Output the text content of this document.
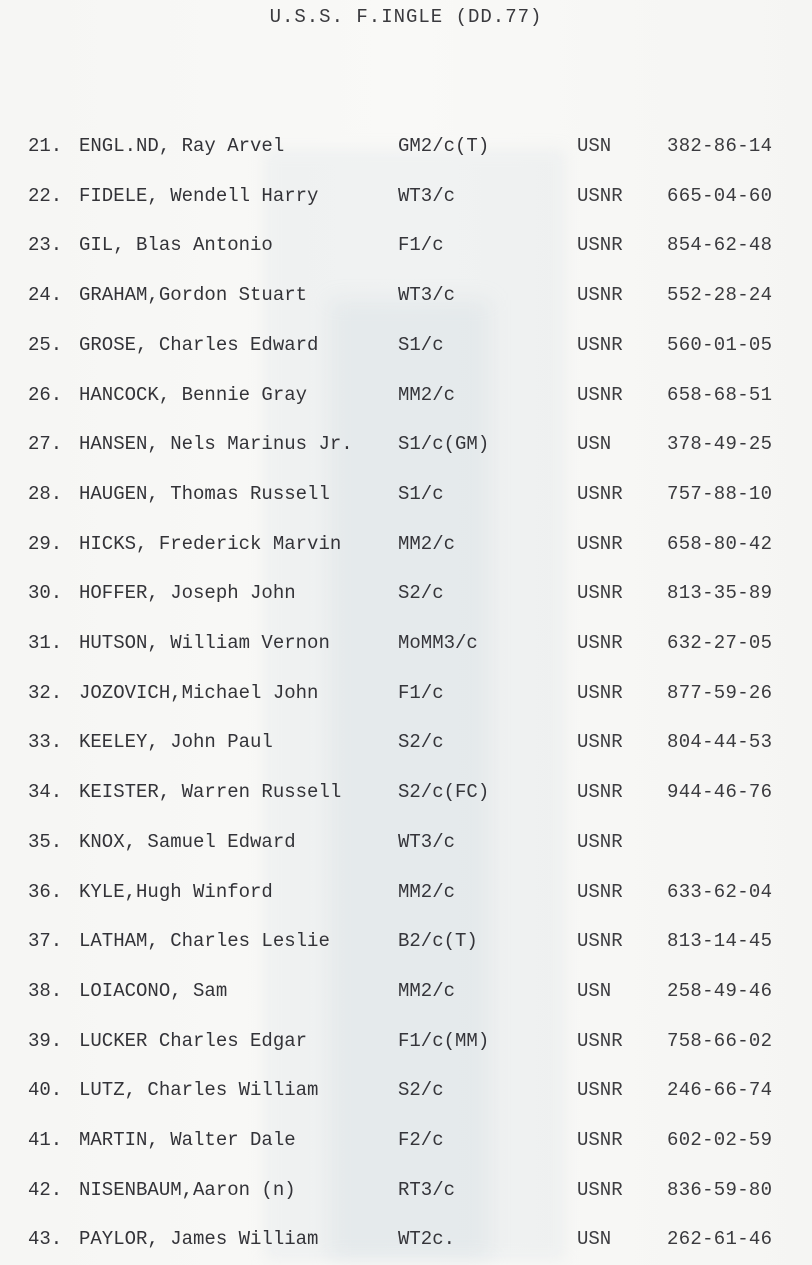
U.S.S. F.INGLE (DD.77)
21. ENGL.ND, Ray Arvel	GM2/c(T)	USN	382-86-14
22. FIDELE, Wendell Harry	WT3/c	USNR 665-04-60
23. GIL, Blas Antonio	F1/c	USNR 854-62-48
24. GRAHAM,Gordon Stuart	WT3/c	USNR 552-28-24
25. GROSE, Charles Edward	S1/c	USNR 560-01-05
26. HANCOCK, Bennie Gray	MM2/c	USNR 658-68-51
27. HANSEN, Nels Marinus Jr. S1/c(GM)	USN	378-49-25
28. HAUGEN, Thomas Russell	S1/c	USNR 757-88-10
29. HICKS, Frederick Marvin	MM2/c	USNR 658-80-42
30. HOFFER, Joseph John	S2/c	USNR 813-35-89
31. HUTSON, William Vernon	MoMM3/c	USNR 632-27-05
32. JOZOVICH,Michael John	F1/c	USNR 877-59-26
33. KEELEY, John Paul	S2/c	USNR 804-44-53
34. KEISTER, Warren Russell	S2/c(FC)	USNR 944-46-76
35. KNOX, Samuel Edward	WT3/c	USNR
36. KYLE,Hugh Winford	MM2/c	USNR 633-62-04
37. LATHAM, Charles Leslie	B2/c(T)	USNR 813-14-45
38. LOIACONO, Sam	MM2/c	USN	258-49-46
39. LUCKER Charles Edgar	F1/c(MM)	USNR 758-66-02
40. LUTZ, Charles William	S2/c	USNR 246-66-74
41. MARTIN, Walter Dale	F2/c	USNR 602-02-59
42. NISENBAUM,Aaron (n)	RT3/c	USNR 836-59-80
43. PAYLOR, James William	WT2c.	USN	262-61-46
